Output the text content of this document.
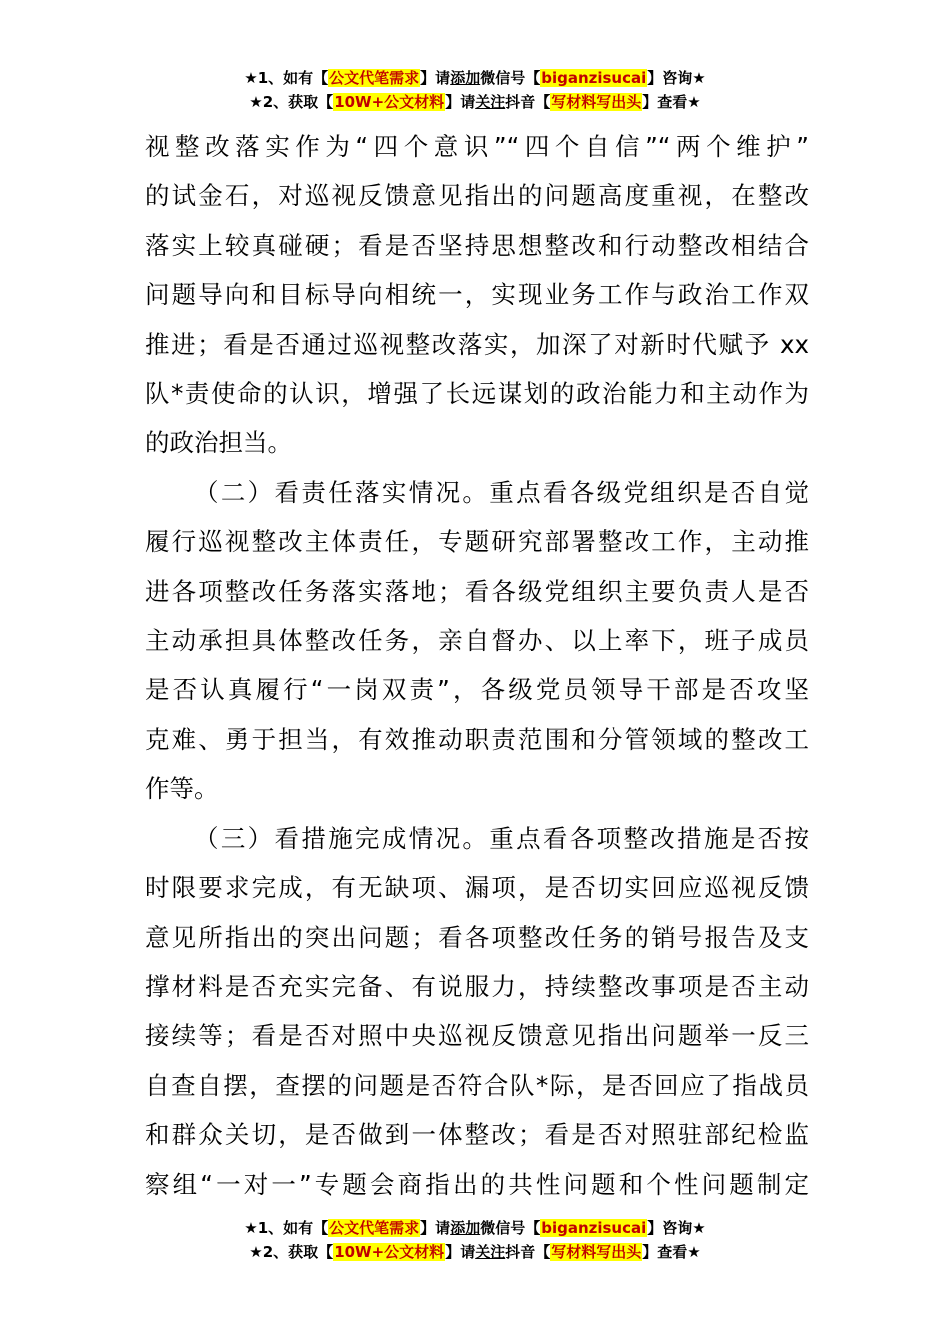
★1、如有【公文代笔需求】请添加微信号【biganzisucai】咨询★
★2、获取【10W+公文材料】请关注抖音【写材料写出头】查看★

视整改落实作为“四个意识”“四个自信”“两个维护”

的试金石，对巡视反馈意见指出的问题高度重视，在整改

落实上较真碰硬；看是否坚持思想整改和行动整改相结合

问题导向和目标导向相统一，实现业务工作与政治工作双

推进；看是否通过巡视整改落实，加深了对新时代赋予 xx

队*责使命的认识，增强了长远谋划的政治能力和主动作为

的政治担当。

（二）看责任落实情况。重点看各级党组织是否自觉

履行巡视整改主体责任，专题研究部署整改工作，主动推

进各项整改任务落实落地；看各级党组织主要负责人是否

主动承担具体整改任务，亲自督办、以上率下，班子成员

是否认真履行“一岗双责”，各级党员领导干部是否攻坚

克难、勇于担当，有效推动职责范围和分管领域的整改工

作等。

（三）看措施完成情况。重点看各项整改措施是否按

时限要求完成，有无缺项、漏项，是否切实回应巡视反馈

意见所指出的突出问题；看各项整改任务的销号报告及支

撑材料是否充实完备、有说服力，持续整改事项是否主动

接续等；看是否对照中央巡视反馈意见指出问题举一反三

自查自摆，查摆的问题是否符合队*际，是否回应了指战员

和群众关切，是否做到一体整改；看是否对照驻部纪检监

察组“一对一”专题会商指出的共性问题和个性问题制定

★1、如有【公文代笔需求】请添加微信号【biganzisucai】咨询★
★2、获取【10W+公文材料】请关注抖音【写材料写出头】查看★
